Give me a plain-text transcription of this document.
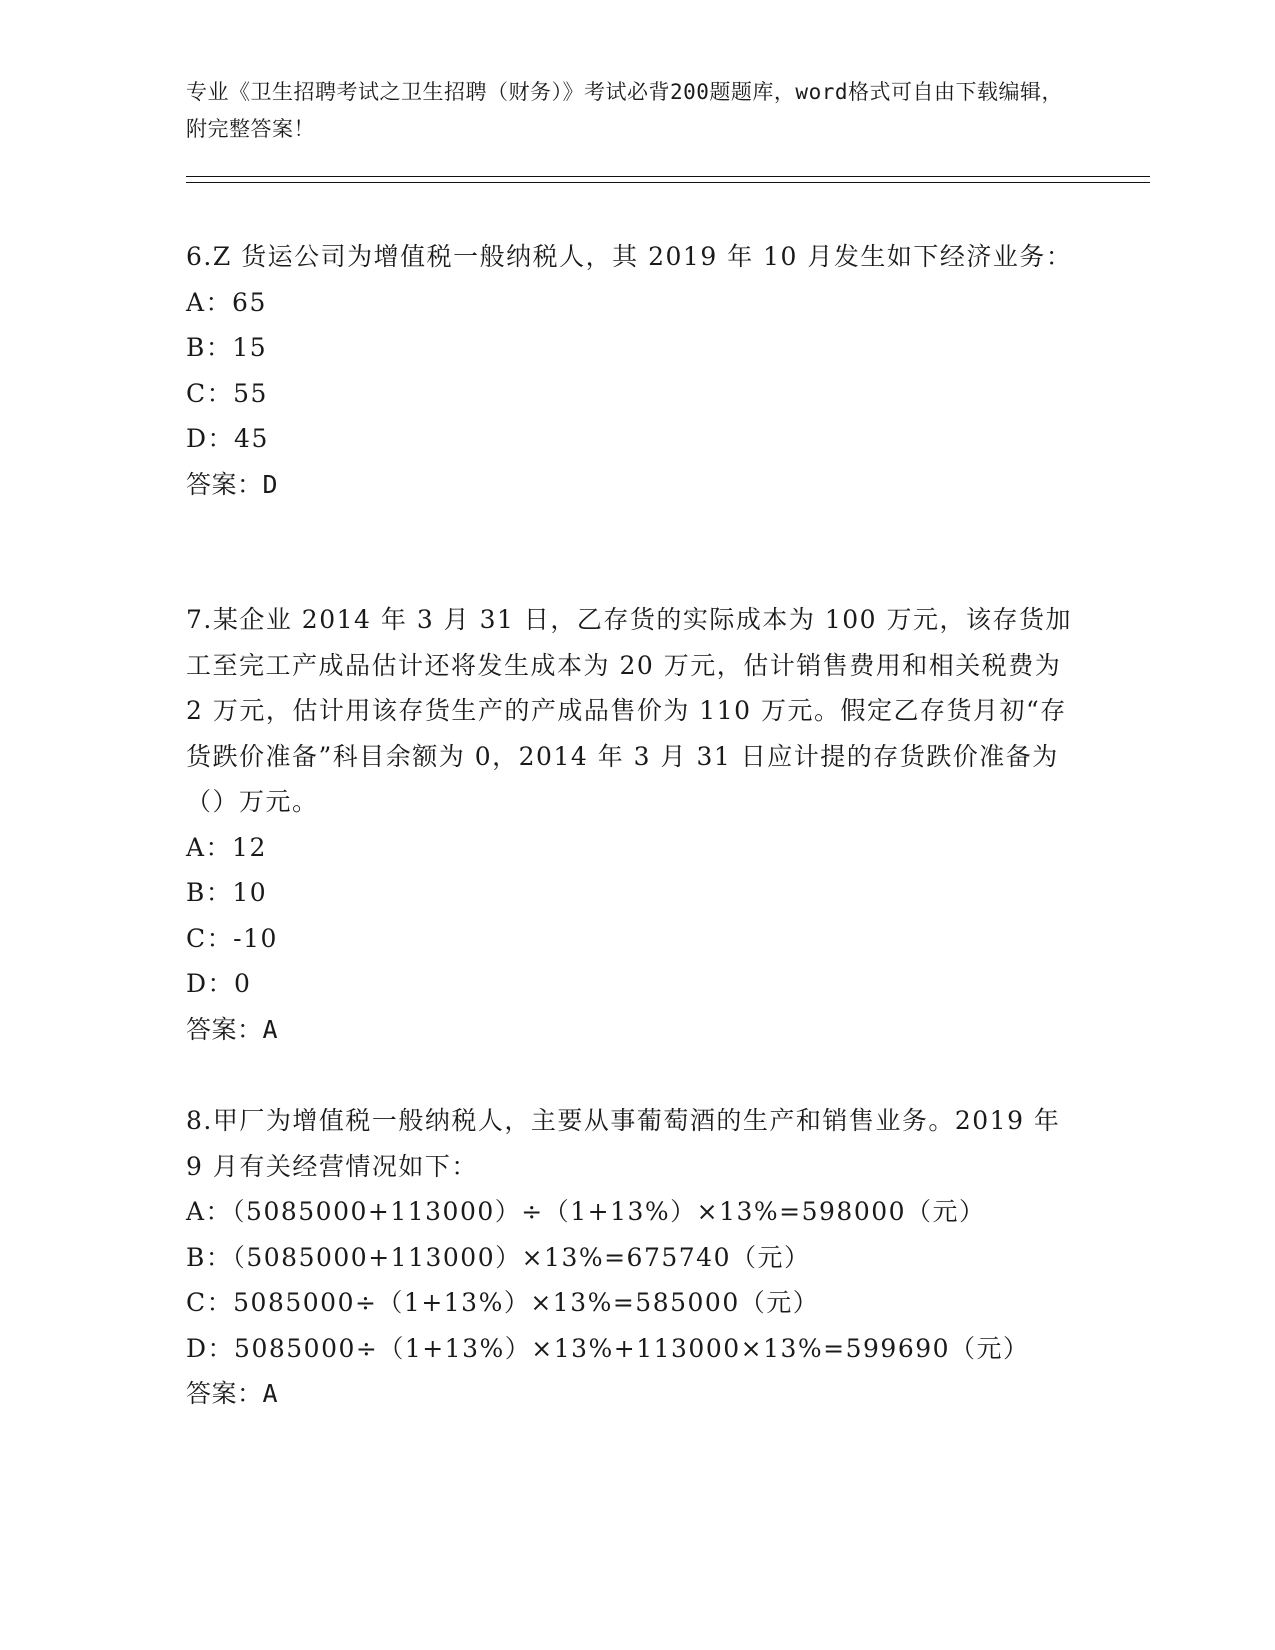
专业《卫生招聘考试之卫生招聘（财务）》考试必背200题题库，word格式可自由下载编辑，附完整答案！

6.Z 货运公司为增值税一般纳税人，其 2019 年 10 月发生如下经济业务：

A：65

B：15

C：55

D：45

答案：D

7.某企业 2014 年 3 月 31 日，乙存货的实际成本为 100 万元，该存货加工至完工产成品估计还将发生成本为 20 万元，估计销售费用和相关税费为 2 万元，估计用该存货生产的产成品售价为 110 万元。假定乙存货月初“存货跌价准备”科目余额为 0，2014 年 3 月 31 日应计提的存货跌价准备为（）万元。

A：12

B：10

C：-10

D：0

答案：A

8.甲厂为增值税一般纳税人，主要从事葡萄酒的生产和销售业务。2019 年 9 月有关经营情况如下：

A：（5085000+113000）÷（1+13%）×13%=598000（元）

B：（5085000+113000）×13%=675740（元）

C：5085000÷（1+13%）×13%=585000（元）

D：5085000÷（1+13%）×13%+113000×13%=599690（元）

答案：A
